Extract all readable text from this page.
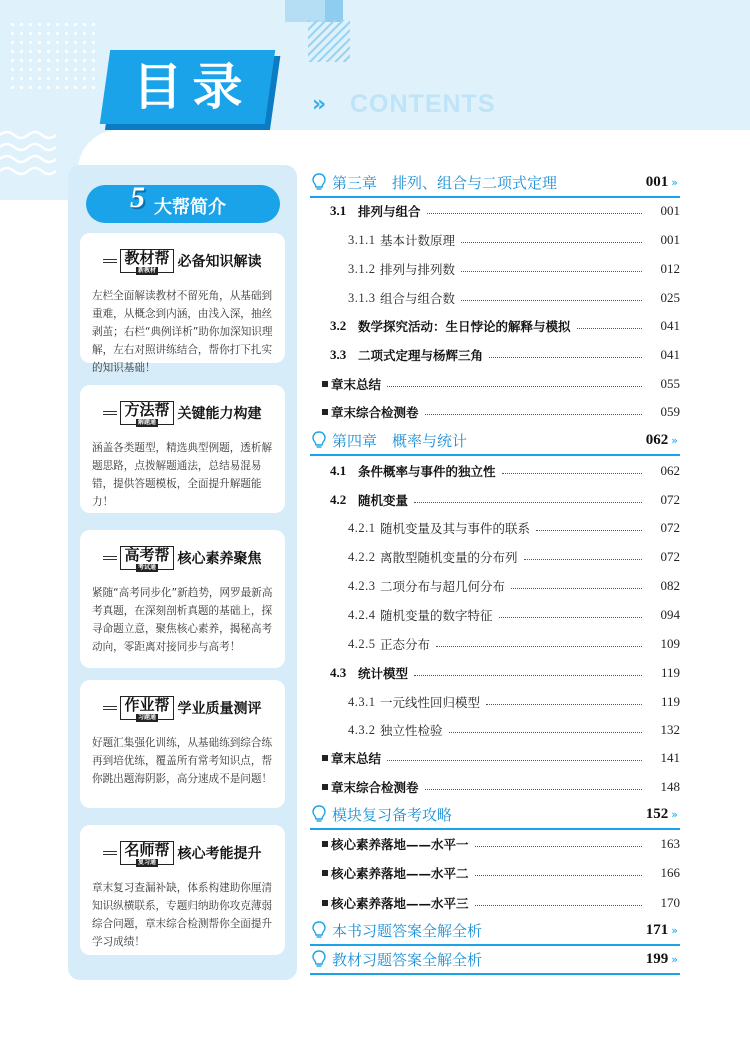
目录	» CONTENTS
5 大帮简介
教材帮
新教材
必备知识解读
左栏全面解读教材不留死角，从基础到重难，从概念到内涵，由浅入深，抽丝剥茧；右栏“典例详析”助你加深知识理解，左右对照讲练结合，帮你打下扎实的知识基础！
方法帮
解题通
关键能力构建
涵盖各类题型，精选典型例题，透析解题思路，点拨解题通法，总结易混易错，提供答题模板，全面提升解题能力！
高考帮
考试通
核心素养聚焦
紧随“高考同步化”新趋势，网罗最新高考真题，在深刻剖析真题的基础上，探寻命题立意，聚焦核心素养，揭秘高考动向，零距离对接同步与高考！
作业帮
习题通
学业质量测评
好题汇集强化训练，从基础练到综合练再到培优练，覆盖所有常考知识点，帮你跳出题海阴影，高分速成不是问题！
名师帮
复习通
核心考能提升
章末复习查漏补缺，体系构建助你厘清知识纵横联系，专题归纳助你攻克薄弱综合问题，章末综合检测帮你全面提升学习成绩！
第三章　排列、组合与二项式定理	001 »
3.1 排列与组合	001
3.1.1 基本计数原理	001
3.1.2 排列与排列数	012
3.1.3 组合与组合数	025
3.2 数学探究活动：生日悖论的解释与模拟	041
3.3 二项式定理与杨辉三角	041
章末总结	055
章末综合检测卷	059
第四章　概率与统计	062 »
4.1 条件概率与事件的独立性	062
4.2 随机变量	072
4.2.1 随机变量及其与事件的联系	072
4.2.2 离散型随机变量的分布列	072
4.2.3 二项分布与超几何分布	082
4.2.4 随机变量的数字特征	094
4.2.5 正态分布	109
4.3 统计模型	119
4.3.1 一元线性回归模型	119
4.3.2 独立性检验	132
章末总结	141
章末综合检测卷	148
模块复习备考攻略	152 »
核心素养落地——水平一	163
核心素养落地——水平二	166
核心素养落地——水平三	170
本书习题答案全解全析	171 »
教材习题答案全解全析	199 »
